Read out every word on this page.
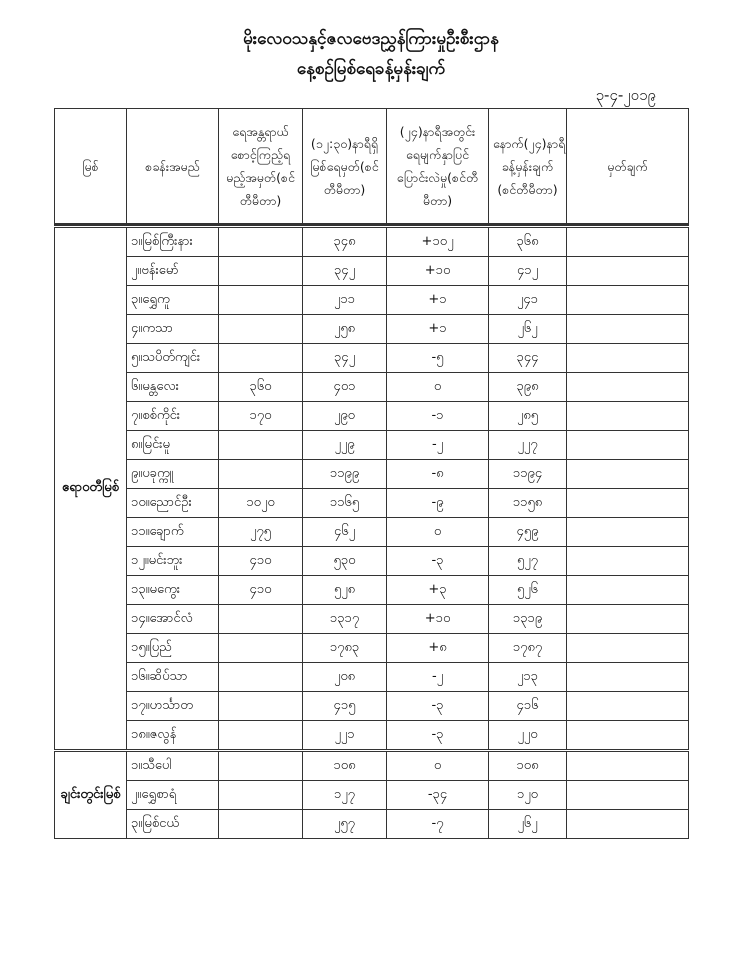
မိုးလေဝသနှင့်ဇလဗေဒညွှန်ကြားမှုဦးစီးဌာန
နေ့စဉ်မြစ်ရေခန့်မှန်းချက်
၃-၄-၂၀၁၉
မြစ်	စခန်းအမည်	ရေအန္တရာယ်စောင့်ကြည့်ရမည့်အမှတ်(စင်တီမီတာ)	(၁၂:၃၀)နာရီရှိ မြစ်ရေမှတ်(စင်တီမီတာ)	(၂၄)နာရီအတွင်း ရေမျက်နှာပြင် ပြောင်းလဲမှု(စင်တီမီတာ)	နောက်(၂၄)နာရီ ခန့်မှန်းချက် (စင်တီမီတာ)	မှတ်ချက်

ဧရာဝတီမြစ်	၁။မြစ်ကြီးနား		၃၄၈	+၁၀၂	၃၆၈	
	၂။ဗန်းမော်		၃၄၂	+၁၀	၄၁၂	
	၃။ရွှေကူ		၂၁၁	+၁	၂၄၁	
	၄။ကသာ		၂၅၈	+၁	၂၆၂	
	၅။သပိတ်ကျင်း		၃၄၂	-၅	၃၄၄	
	၆။မန္တလေး	၃၆၀	၄၀၁	၀	၃၉၈	
	၇။စစ်ကိုင်း	၁၇၀	၂၉၀	-၁	၂၈၅	
	၈။မြင်းမူ		၂၂၉	-၂	၂၂၇	
	၉။ပခုက္ကူ		၁၁၉၉	-၈	၁၁၉၄	
	၁၀။ညောင်ဦး	၁၀၂၀	၁၁၆၅	-၉	၁၁၅၈	
	၁၁။ချောက်	၂၇၅	၄၆၂	၀	၄၅၉	
	၁၂။မင်းဘူး	၄၁၀	၅၃၀	-၃	၅၂၇	
	၁၃။မကွေး	၄၁၀	၅၂၈	+၃	၅၂၆	
	၁၄။အောင်လံ		၁၃၁၇	+၁၀	၁၃၁၉	
	၁၅။ပြည်		၁၇၈၃	+၈	၁၇၈၇	
	၁၆။ဆိပ်သာ		၂၀၈	-၂	၂၁၃	
	၁၇။ဟင်္သာတ		၄၁၅	-၃	၄၁၆	
	၁၈။ဇလွန်		၂၂၁	-၃	၂၂၀	
ချင်းတွင်းမြစ်	၁။သီပေါ		၁၀၈	၀	၁၀၈	
	၂။ရွှေစာရံ		၁၂၇	-၃၄	၁၂၀	
	၃။မြစ်ငယ်		၂၅၇	-၇	၂၆၂	
